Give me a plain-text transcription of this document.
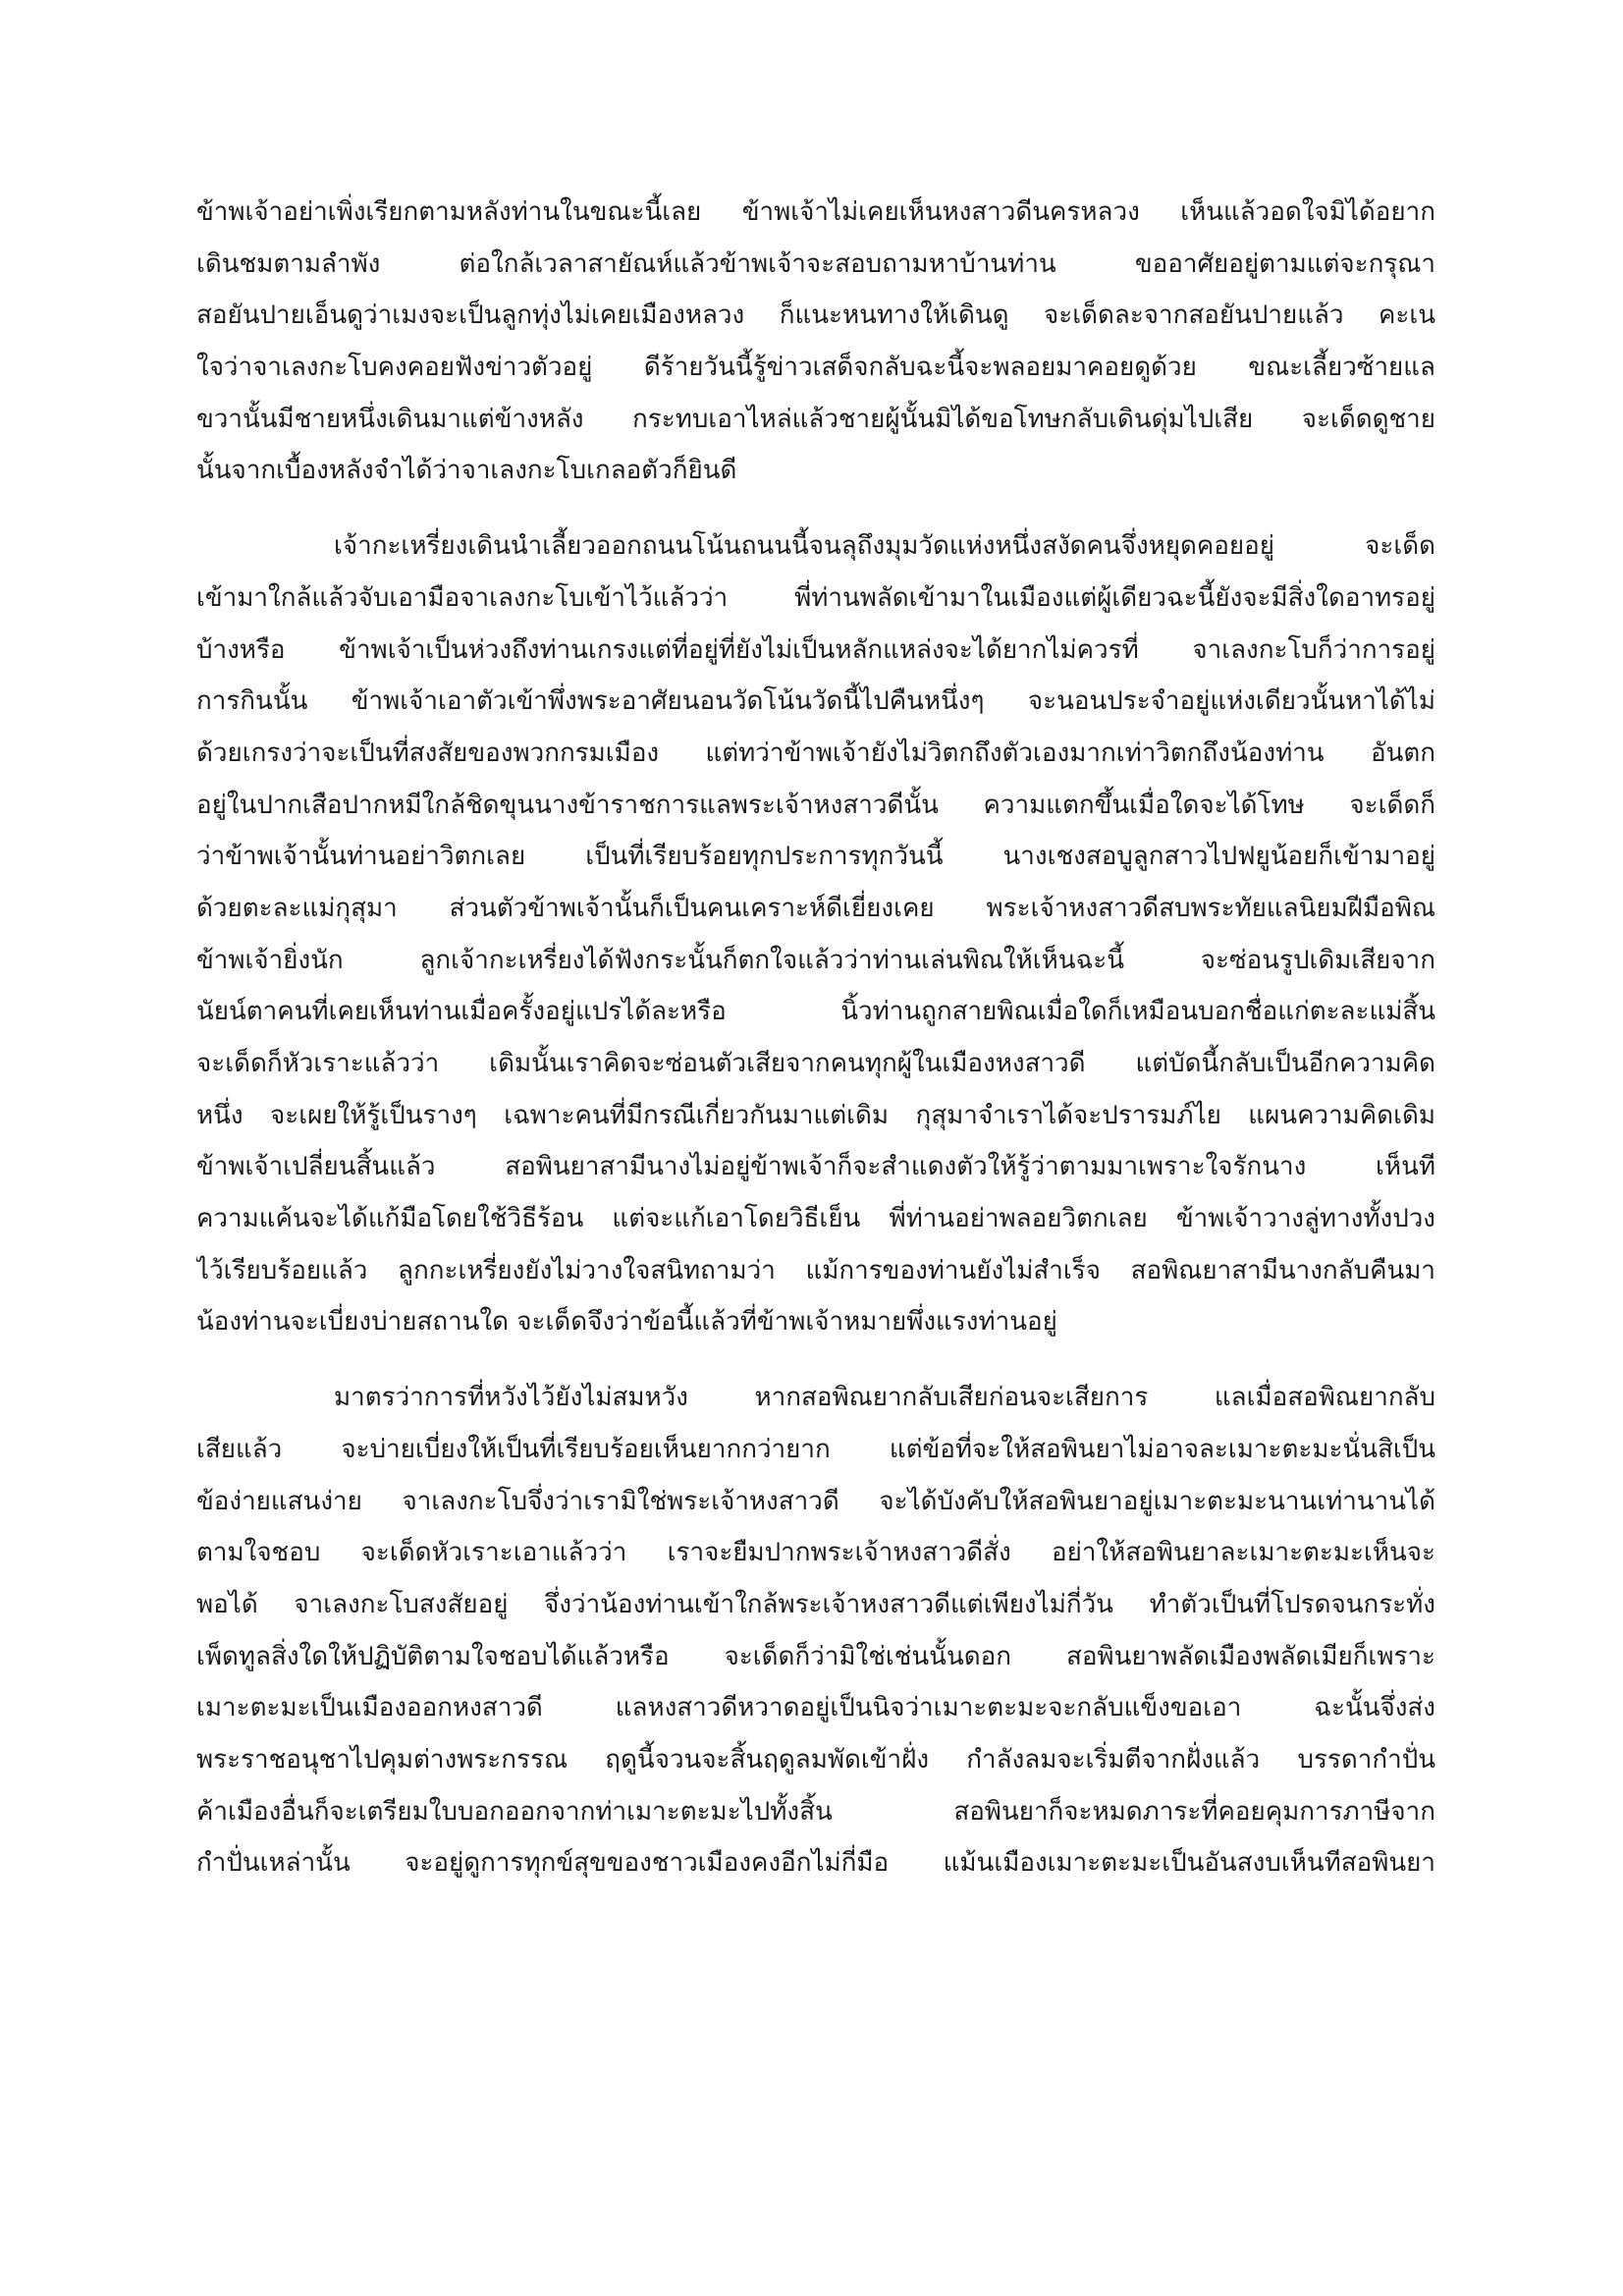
ข้าพเจ้าอย่าเพิ่งเรียกตามหลังท่านในขณะนี้เลย ข้าพเจ้าไม่เคยเห็นหงสาวดีนครหลวง เห็นแล้วอดใจมิได้อยาก
เดินชมตามลำพัง ต่อใกล้เวลาสายัณห์แล้วข้าพเจ้าจะสอบถามหาบ้านท่าน ขออาศัยอยู่ตามแต่จะกรุณา
สอยันปายเอ็นดูว่าเมงจะเป็นลูกทุ่งไม่เคยเมืองหลวง ก็แนะหนทางให้เดินดู จะเด็ดละจากสอยันปายแล้ว คะเน
ใจว่าจาเลงกะโบคงคอยฟังข่าวตัวอยู่ ดีร้ายวันนี้รู้ข่าวเสด็จกลับฉะนี้จะพลอยมาคอยดูด้วย ขณะเลี้ยวซ้ายแล
ขวานั้นมีชายหนึ่งเดินมาแต่ข้างหลัง กระทบเอาไหล่แล้วชายผู้นั้นมิได้ขอโทษกลับเดินดุ่มไปเสีย จะเด็ดดูชาย
นั้นจากเบื้องหลังจำได้ว่าจาเลงกะโบเกลอตัวก็ยินดี
เจ้ากะเหรี่ยงเดินนำเลี้ยวออกถนนโน้นถนนนี้จนลุถึงมุมวัดแห่งหนึ่งสงัดคนจึ่งหยุดคอยอยู่ จะเด็ด
เข้ามาใกล้แล้วจับเอามือจาเลงกะโบเข้าไว้แล้วว่า พี่ท่านพลัดเข้ามาในเมืองแต่ผู้เดียวฉะนี้ยังจะมีสิ่งใดอาทรอยู่
บ้างหรือ ข้าพเจ้าเป็นห่วงถึงท่านเกรงแต่ที่อยู่ที่ยังไม่เป็นหลักแหล่งจะได้ยากไม่ควรที่ จาเลงกะโบก็ว่าการอยู่
การกินนั้น ข้าพเจ้าเอาตัวเข้าพึ่งพระอาศัยนอนวัดโน้นวัดนี้ไปคืนหนึ่งๆ จะนอนประจำอยู่แห่งเดียวนั้นหาได้ไม่
ด้วยเกรงว่าจะเป็นที่สงสัยของพวกกรมเมือง แต่ทว่าข้าพเจ้ายังไม่วิตกถึงตัวเองมากเท่าวิตกถึงน้องท่าน อันตก
อยู่ในปากเสือปากหมีใกล้ชิดขุนนางข้าราชการแลพระเจ้าหงสาวดีนั้น ความแตกขึ้นเมื่อใดจะได้โทษ จะเด็ดก็
ว่าข้าพเจ้านั้นท่านอย่าวิตกเลย เป็นที่เรียบร้อยทุกประการทุกวันนี้ นางเชงสอบูลูกสาวไปฟยูน้อยก็เข้ามาอยู่
ด้วยตะละแม่กุสุมา ส่วนตัวข้าพเจ้านั้นก็เป็นคนเคราะห์ดีเยี่ยงเคย พระเจ้าหงสาวดีสบพระทัยแลนิยมฝีมือพิณ
ข้าพเจ้ายิ่งนัก ลูกเจ้ากะเหรี่ยงได้ฟังกระนั้นก็ตกใจแล้วว่าท่านเล่นพิณให้เห็นฉะนี้ จะซ่อนรูปเดิมเสียจาก
นัยน์ตาคนที่เคยเห็นท่านเมื่อครั้งอยู่แปรได้ละหรือ นิ้วท่านถูกสายพิณเมื่อใดก็เหมือนบอกชื่อแก่ตะละแม่สิ้น
จะเด็ดก็หัวเราะแล้วว่า เดิมนั้นเราคิดจะซ่อนตัวเสียจากคนทุกผู้ในเมืองหงสาวดี แต่บัดนี้กลับเป็นอีกความคิด
หนึ่ง จะเผยให้รู้เป็นรางๆ เฉพาะคนที่มีกรณีเกี่ยวกันมาแต่เดิม กุสุมาจำเราได้จะปรารมภ์ไย แผนความคิดเดิม
ข้าพเจ้าเปลี่ยนสิ้นแล้ว สอพินยาสามีนางไม่อยู่ข้าพเจ้าก็จะสำแดงตัวให้รู้ว่าตามมาเพราะใจรักนาง เห็นที
ความแค้นจะได้แก้มือโดยใช้วิธีร้อน แต่จะแก้เอาโดยวิธีเย็น พี่ท่านอย่าพลอยวิตกเลย ข้าพเจ้าวางลู่ทางทั้งปวง
ไว้เรียบร้อยแล้ว ลูกกะเหรี่ยงยังไม่วางใจสนิทถามว่า แม้การของท่านยังไม่สำเร็จ สอพิณยาสามีนางกลับคืนมา
น้องท่านจะเบี่ยงบ่ายสถานใด จะเด็ดจึงว่าข้อนี้แล้วที่ข้าพเจ้าหมายพึ่งแรงท่านอยู่
มาตรว่าการที่หวังไว้ยังไม่สมหวัง หากสอพิณยากลับเสียก่อนจะเสียการ แลเมื่อสอพิณยากลับ
เสียแล้ว จะบ่ายเบี่ยงให้เป็นที่เรียบร้อยเห็นยากกว่ายาก แต่ข้อที่จะให้สอพินยาไม่อาจละเมาะตะมะนั่นสิเป็น
ข้อง่ายแสนง่าย จาเลงกะโบจึ่งว่าเรามิใช่พระเจ้าหงสาวดี จะได้บังคับให้สอพินยาอยู่เมาะตะมะนานเท่านานได้
ตามใจชอบ จะเด็ดหัวเราะเอาแล้วว่า เราจะยืมปากพระเจ้าหงสาวดีสั่ง อย่าให้สอพินยาละเมาะตะมะเห็นจะ
พอได้ จาเลงกะโบสงสัยอยู่ จึ่งว่าน้องท่านเข้าใกล้พระเจ้าหงสาวดีแต่เพียงไม่กี่วัน ทำตัวเป็นที่โปรดจนกระทั่ง
เพ็ดทูลสิ่งใดให้ปฏิบัติตามใจชอบได้แล้วหรือ จะเด็ดก็ว่ามิใช่เช่นนั้นดอก สอพินยาพลัดเมืองพลัดเมียก็เพราะ
เมาะตะมะเป็นเมืองออกหงสาวดี แลหงสาวดีหวาดอยู่เป็นนิจว่าเมาะตะมะจะกลับแข็งขอเอา ฉะนั้นจึ่งส่ง
พระราชอนุชาไปคุมต่างพระกรรณ ฤดูนี้จวนจะสิ้นฤดูลมพัดเข้าฝั่ง กำลังลมจะเริ่มตีจากฝั่งแล้ว บรรดากำปั่น
ค้าเมืองอื่นก็จะเตรียมใบบอกออกจากท่าเมาะตะมะไปทั้งสิ้น สอพินยาก็จะหมดภาระที่คอยคุมการภาษีจาก
กำปั่นเหล่านั้น จะอยู่ดูการทุกข์สุขของชาวเมืองคงอีกไม่กี่มือ แม้นเมืองเมาะตะมะเป็นอันสงบเห็นทีสอพินยา
